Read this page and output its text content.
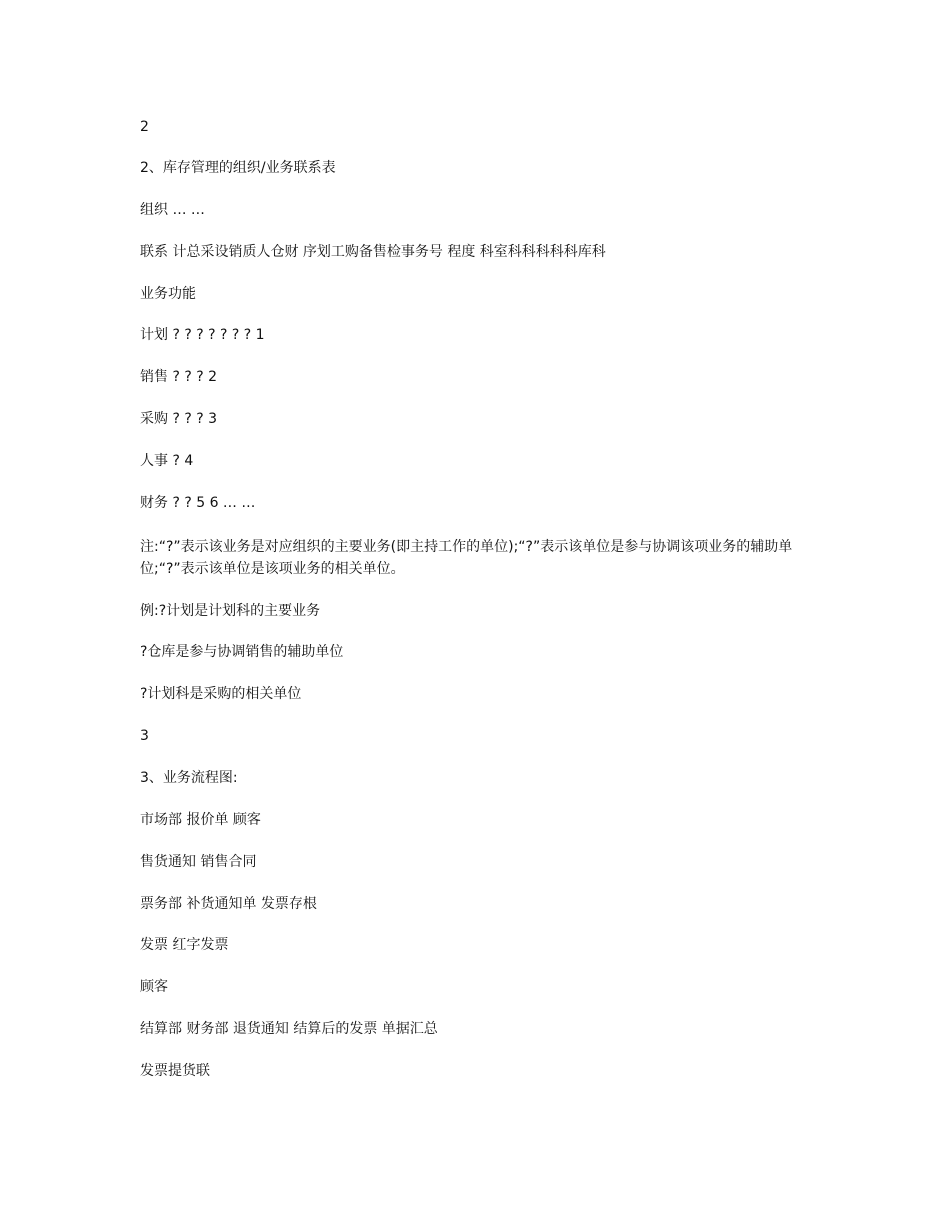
2
2、库存管理的组织/业务联系表
组织 … …
联系 计总采设销质人仓财 序划工购备售检事务号 程度 科室科科科科科库科
业务功能
计划 ? ? ? ? ? ? ? 1
销售 ? ? ? 2
采购 ? ? ? 3
人事 ? 4
财务 ? ? 5 6 … …
注:“?”表示该业务是对应组织的主要业务(即主持工作的单位);“?”表示该单位是参与协调该项业务的辅助单位;“?”表示该单位是该项业务的相关单位。
例:?计划是计划科的主要业务
?仓库是参与协调销售的辅助单位
?计划科是采购的相关单位
3
3、业务流程图:
市场部 报价单 顾客
售货通知 销售合同
票务部 补货通知单 发票存根
发票 红字发票
顾客
结算部 财务部 退货通知 结算后的发票 单据汇总
发票提货联
